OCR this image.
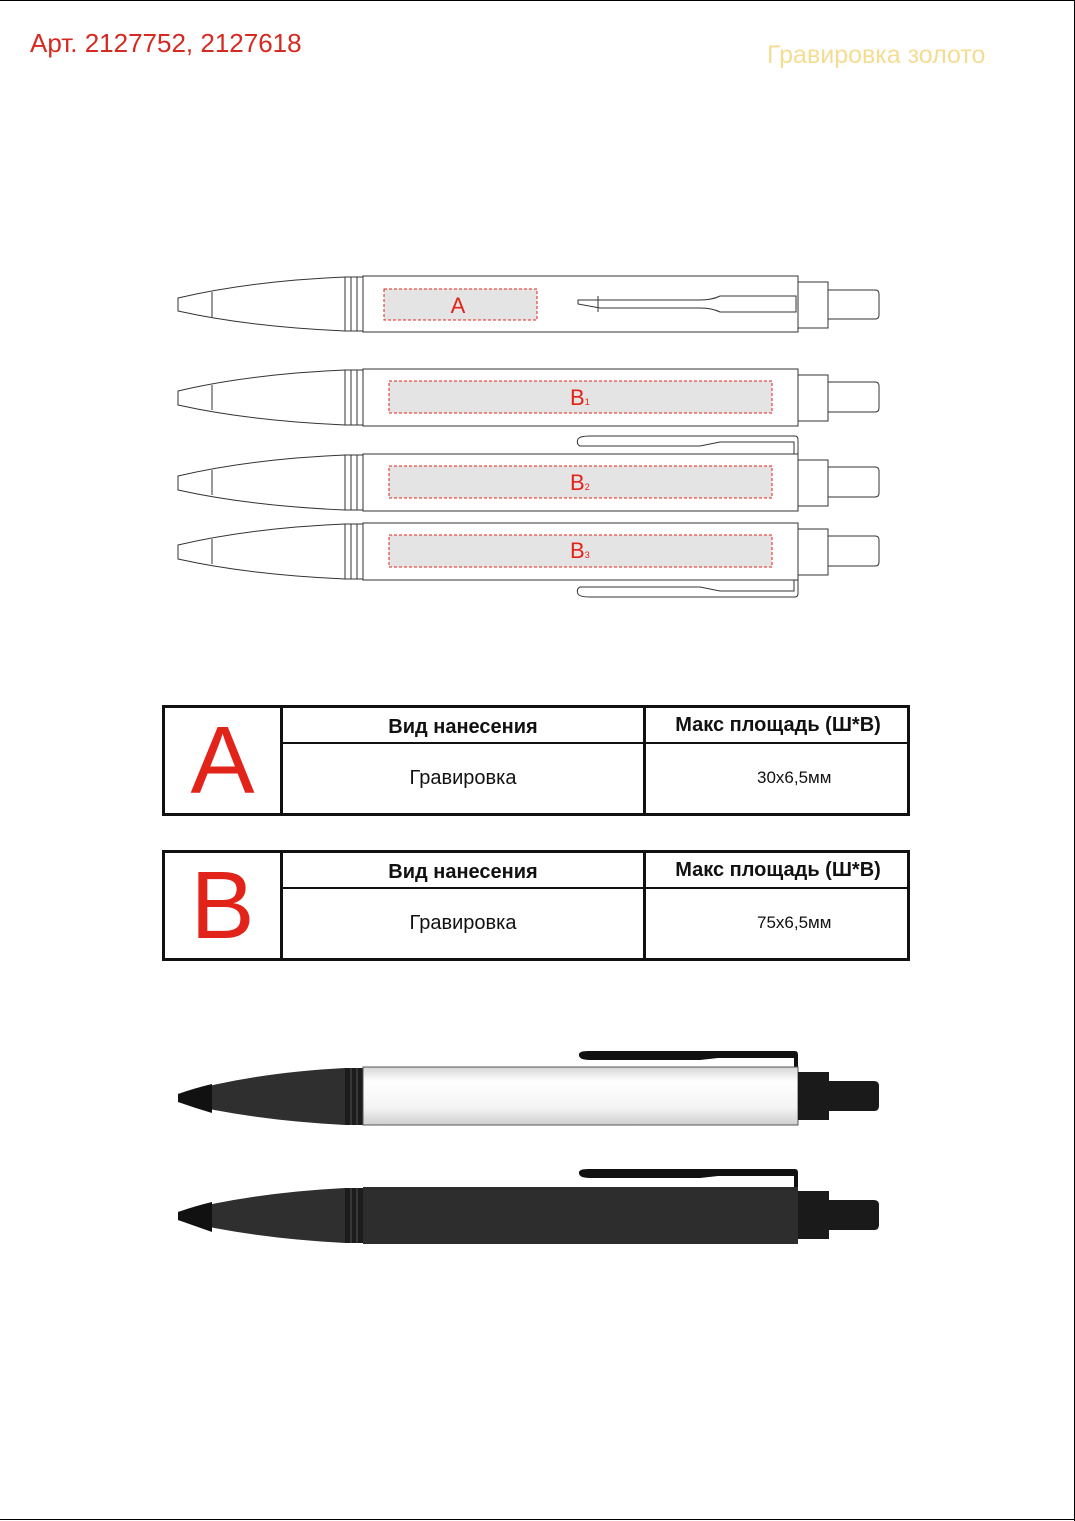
Арт. 2127752, 2127618	Гравировка золото
A
B1
B2
B3
A	Вид нанесения	Макс площадь (Ш*В)
Гравировка	30х6,5мм
B	Вид нанесения	Макс площадь (Ш*В)
Гравировка	75х6,5мм
